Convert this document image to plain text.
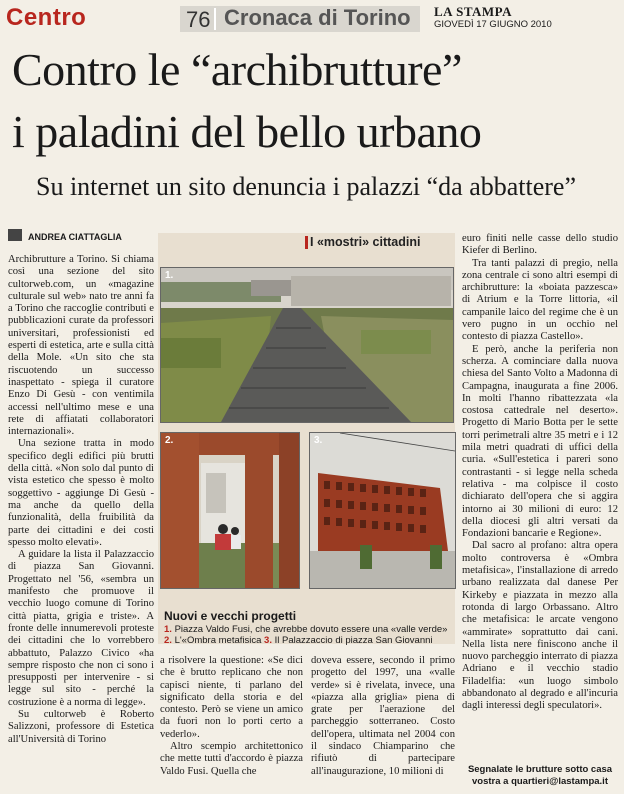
Centro	76 Cronaca di Torino LA STAMPA
GIOVEDÌ 17 GIUGNO 2010
Contro le “archibrutture”
i paladini del bello urbano
Su internet un sito denuncia i palazzi “da abbattere”
ANDREA CIATTAGLIA

Archibrutture a Torino. Si chiama così una sezione del sito cultorweb.com, un «magazine culturale sul web» nato tre anni fa a Torino che raccoglie contributi e pubblicazioni curate da professori universitari, professionisti ed esperti di estetica, arte e sulla città della Mole. «Un sito che sta riscuotendo un successo inaspettato - spiega il curatore Enzo Di Gesù - con ventimila accessi nell'ultimo mese e una rete di affiatati collaboratori internazionali».

Una sezione tratta in modo specifico degli edifici più brutti della città. «Non solo dal punto di vista estetico che spesso è molto soggettivo - aggiunge Di Gesù - ma anche da quello della funzionalità, della fruibilità da parte dei cittadini e dei costi spesso molto elevati».

A guidare la lista il Palazzaccio di piazza San Giovanni. Progettato nel '56, «sembra un manifesto che promuove il vecchio luogo comune di Torino città piatta, grigia e triste». A fronte delle innumerevoli proteste dei cittadini che lo vorrebbero abbattuto, Palazzo Civico «ha sempre risposto che non ci sono i presupposti per intervenire - si legge sul sito - perché la costruzione è a norma di legge».

Su cultorweb è Roberto Salizzoni, professore di Estetica all'Università di Torino

I «mostri» cittadini
1.
2.	3.
Nuovi e vecchi progetti
1. Piazza Valdo Fusi, che avrebbe dovuto essere una «valle verde»
2. L'«Ombra metafisica 3. Il Palazzaccio di piazza San Giovanni

a risolvere la questione: «Se dici che è brutto replicano che non capisci niente, ti parlano del significato della storia e del contesto. Però se viene un amico da fuori non lo porti certo a vederlo».

Altro scempio architettonico che mette tutti d'accordo è piazza Valdo Fusi. Quella che

doveva essere, secondo il primo progetto del 1997, una «valle verde» si è rivelata, invece, una «piazza alla griglia» piena di grate per l'aerazione del parcheggio sotterraneo. Costo dell'opera, ultimata nel 2004 con il sindaco Chiamparino che rifiutò di partecipare all'inaugurazione, 10 milioni di

euro finiti nelle casse dello studio Kiefer di Berlino.

Tra tanti palazzi di pregio, nella zona centrale ci sono altri esempi di archibrutture: la «boiata pazzesca» di Atrium e la Torre littoria, «il campanile laico del regime che è un vero pugno in un occhio nel contesto di piazza Castello».

E però, anche la periferia non scherza. A cominciare dalla nuova chiesa del Santo Volto a Madonna di Campagna, inaugurata a fine 2006. In molti l'hanno ribattezzata «la costosa cattedrale nel deserto». Progetto di Mario Botta per le sette torri perimetrali altre 35 metri e i 12 mila metri quadrati di uffici della curia. «Sull'estetica i pareri sono contrastanti - si legge nella scheda relativa - ma colpisce il costo dichiarato dell'opera che si aggira intorno ai 30 milioni di euro: 12 della diocesi gli altri versati da Fondazioni bancarie e Regione».

Dal sacro al profano: altra opera molto controversa è «Ombra metafisica», l'installazione di arredo urbano realizzata dal danese Per Kirkeby e piazzata in mezzo alla rotonda di largo Orbassano. Altro che metafisica: le arcate vengono «ammirate» soprattutto dai cani. Nella lista nere finiscono anche il nuovo parcheggio interrato di piazza Adriano e il vecchio stadio Filadelfia: «un luogo simbolo abbandonato al degrado e all'incuria dagli interessi degli speculatori».

Segnalate le brutture sotto casa
vostra a quartieri@lastampa.it
